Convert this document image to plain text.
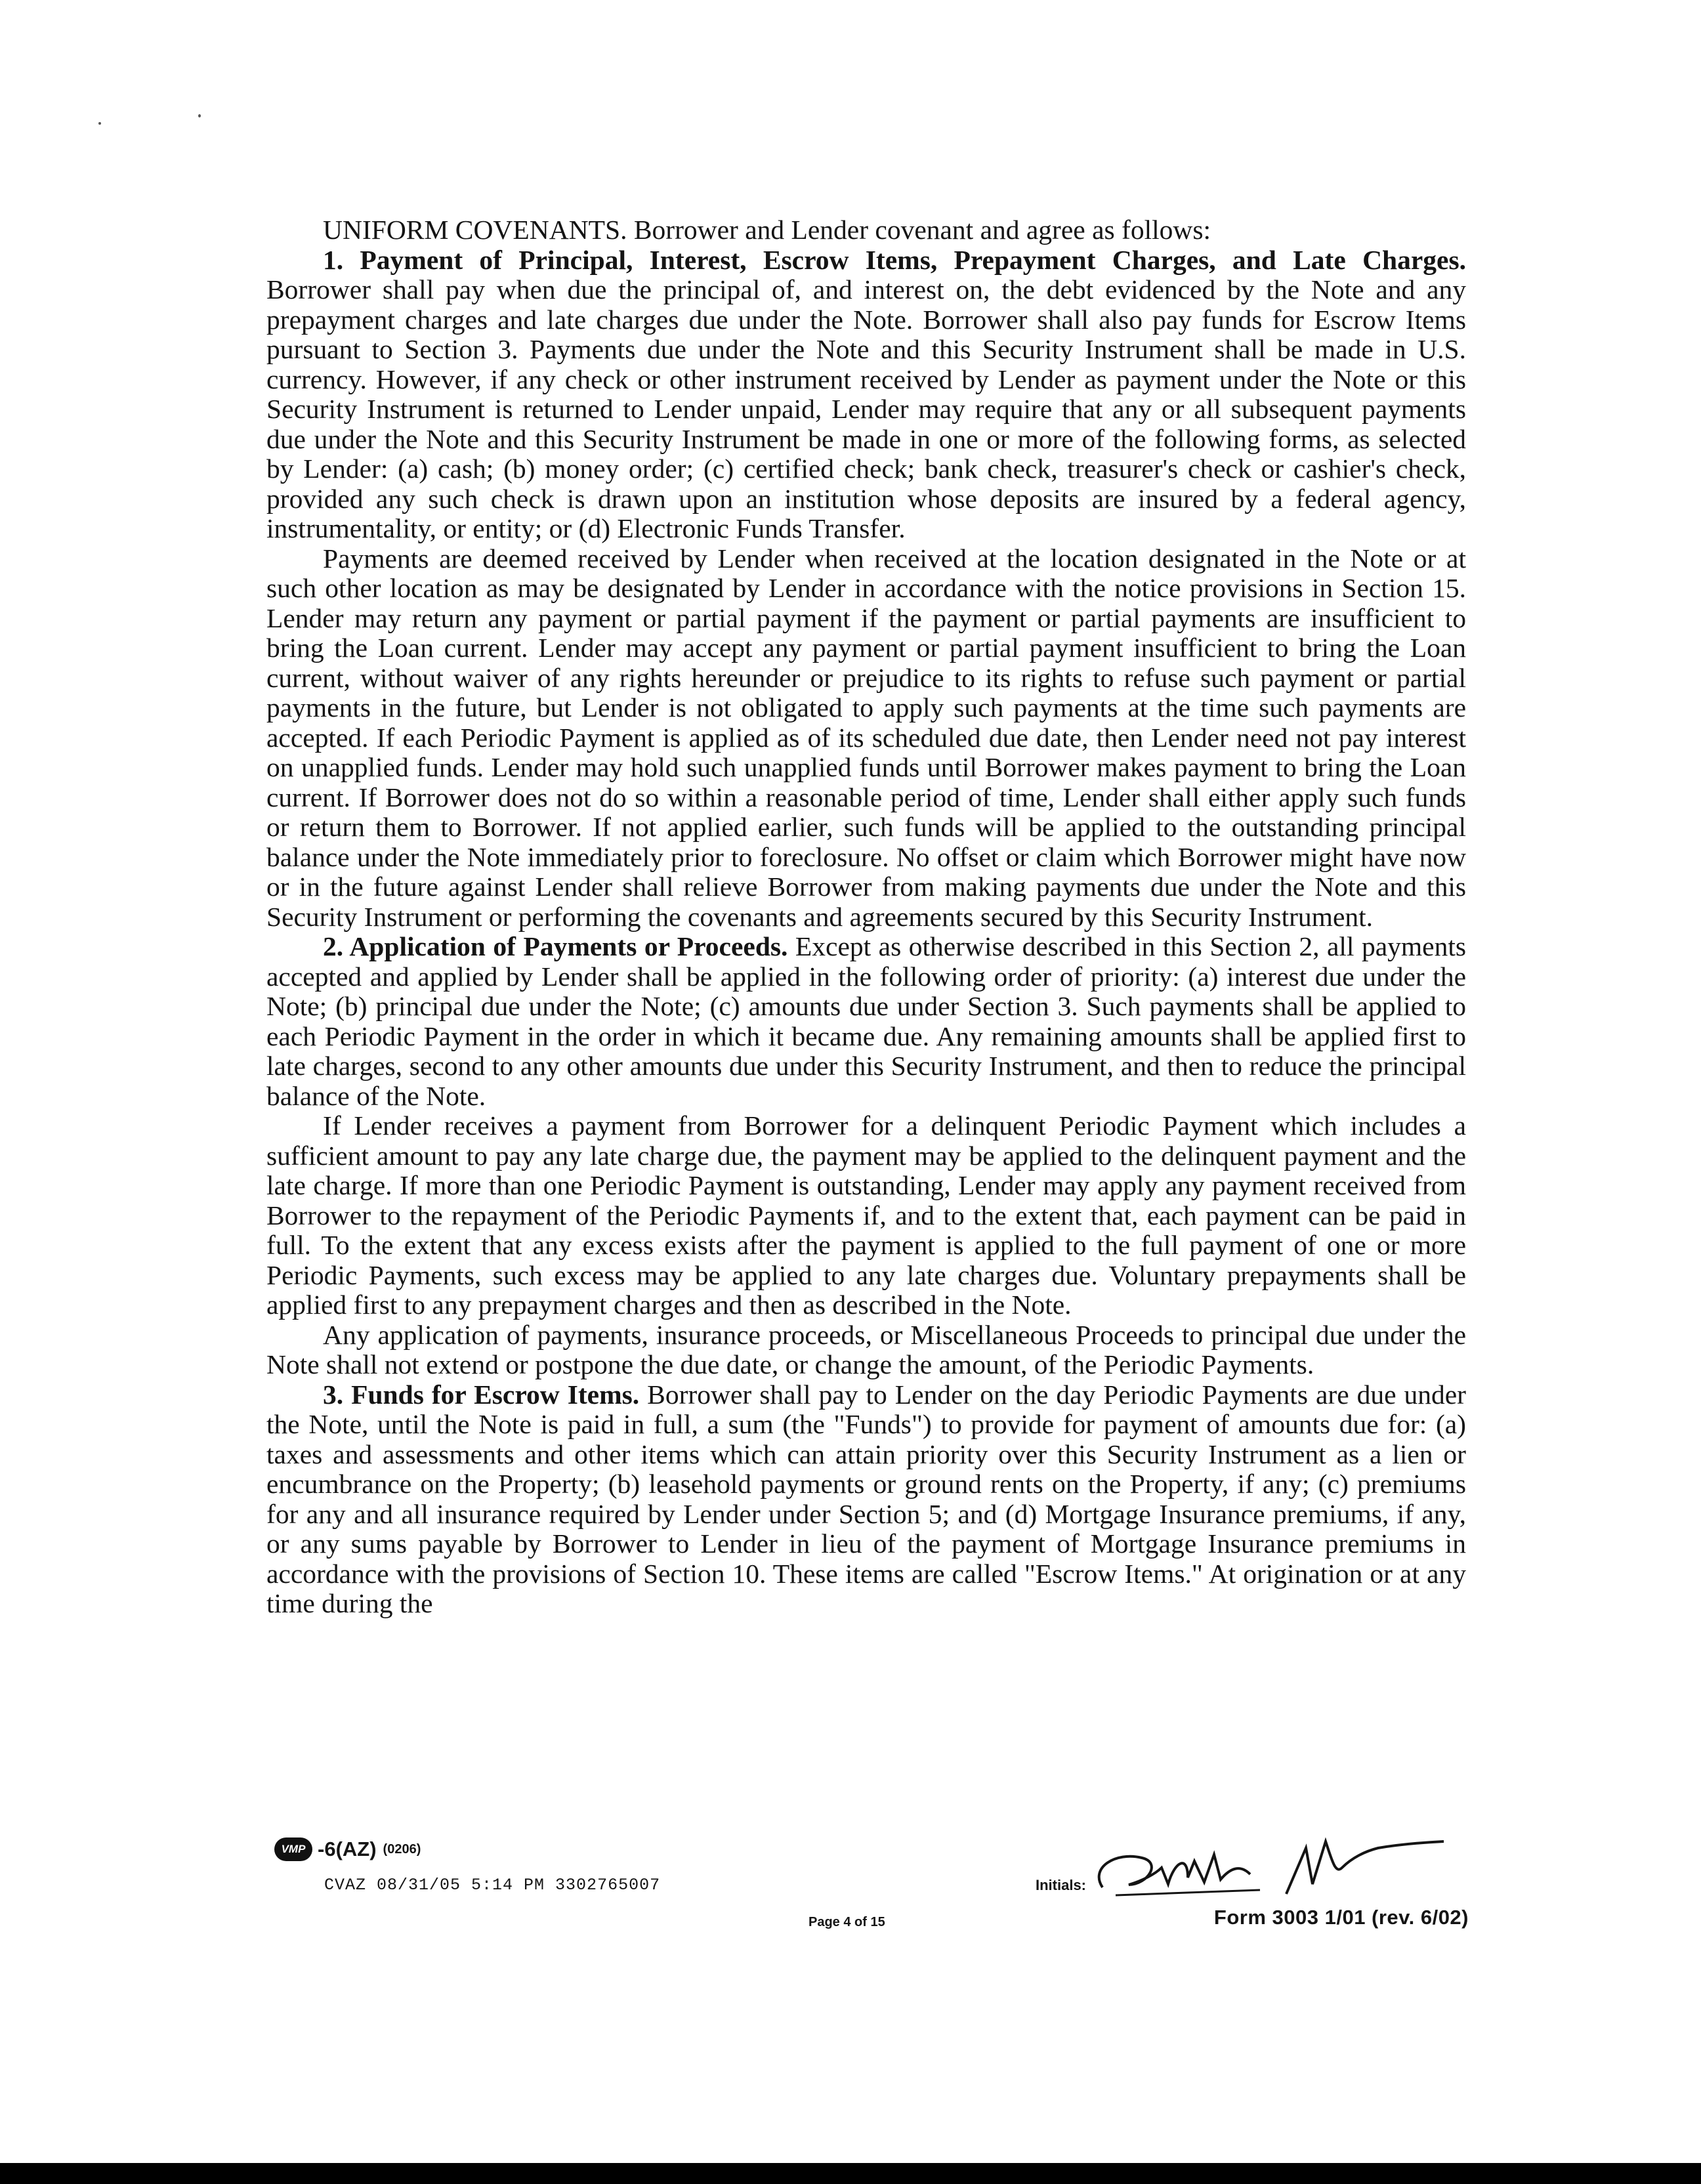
UNIFORM COVENANTS. Borrower and Lender covenant and agree as follows:

1. Payment of Principal, Interest, Escrow Items, Prepayment Charges, and Late Charges. Borrower shall pay when due the principal of, and interest on, the debt evidenced by the Note and any prepayment charges and late charges due under the Note. Borrower shall also pay funds for Escrow Items pursuant to Section 3. Payments due under the Note and this Security Instrument shall be made in U.S. currency. However, if any check or other instrument received by Lender as payment under the Note or this Security Instrument is returned to Lender unpaid, Lender may require that any or all subsequent payments due under the Note and this Security Instrument be made in one or more of the following forms, as selected by Lender: (a) cash; (b) money order; (c) certified check; bank check, treasurer's check or cashier's check, provided any such check is drawn upon an institution whose deposits are insured by a federal agency, instrumentality, or entity; or (d) Electronic Funds Transfer.

Payments are deemed received by Lender when received at the location designated in the Note or at such other location as may be designated by Lender in accordance with the notice provisions in Section 15. Lender may return any payment or partial payment if the payment or partial payments are insufficient to bring the Loan current. Lender may accept any payment or partial payment insufficient to bring the Loan current, without waiver of any rights hereunder or prejudice to its rights to refuse such payment or partial payments in the future, but Lender is not obligated to apply such payments at the time such payments are accepted. If each Periodic Payment is applied as of its scheduled due date, then Lender need not pay interest on unapplied funds. Lender may hold such unapplied funds until Borrower makes payment to bring the Loan current. If Borrower does not do so within a reasonable period of time, Lender shall either apply such funds or return them to Borrower. If not applied earlier, such funds will be applied to the outstanding principal balance under the Note immediately prior to foreclosure. No offset or claim which Borrower might have now or in the future against Lender shall relieve Borrower from making payments due under the Note and this Security Instrument or performing the covenants and agreements secured by this Security Instrument.

2. Application of Payments or Proceeds. Except as otherwise described in this Section 2, all payments accepted and applied by Lender shall be applied in the following order of priority: (a) interest due under the Note; (b) principal due under the Note; (c) amounts due under Section 3. Such payments shall be applied to each Periodic Payment in the order in which it became due. Any remaining amounts shall be applied first to late charges, second to any other amounts due under this Security Instrument, and then to reduce the principal balance of the Note.

If Lender receives a payment from Borrower for a delinquent Periodic Payment which includes a sufficient amount to pay any late charge due, the payment may be applied to the delinquent payment and the late charge. If more than one Periodic Payment is outstanding, Lender may apply any payment received from Borrower to the repayment of the Periodic Payments if, and to the extent that, each payment can be paid in full. To the extent that any excess exists after the payment is applied to the full payment of one or more Periodic Payments, such excess may be applied to any late charges due. Voluntary prepayments shall be applied first to any prepayment charges and then as described in the Note.

Any application of payments, insurance proceeds, or Miscellaneous Proceeds to principal due under the Note shall not extend or postpone the due date, or change the amount, of the Periodic Payments.

3. Funds for Escrow Items. Borrower shall pay to Lender on the day Periodic Payments are due under the Note, until the Note is paid in full, a sum (the "Funds") to provide for payment of amounts due for: (a) taxes and assessments and other items which can attain priority over this Security Instrument as a lien or encumbrance on the Property; (b) leasehold payments or ground rents on the Property, if any; (c) premiums for any and all insurance required by Lender under Section 5; and (d) Mortgage Insurance premiums, if any, or any sums payable by Borrower to Lender in lieu of the payment of Mortgage Insurance premiums in accordance with the provisions of Section 10. These items are called "Escrow Items." At origination or at any time during the

VMP -6(AZ) (0206)
CVAZ 08/31/05 5:14 PM 3302765007
Page 4 of 15
Initials:
Form 3003 1/01 (rev. 6/02)
